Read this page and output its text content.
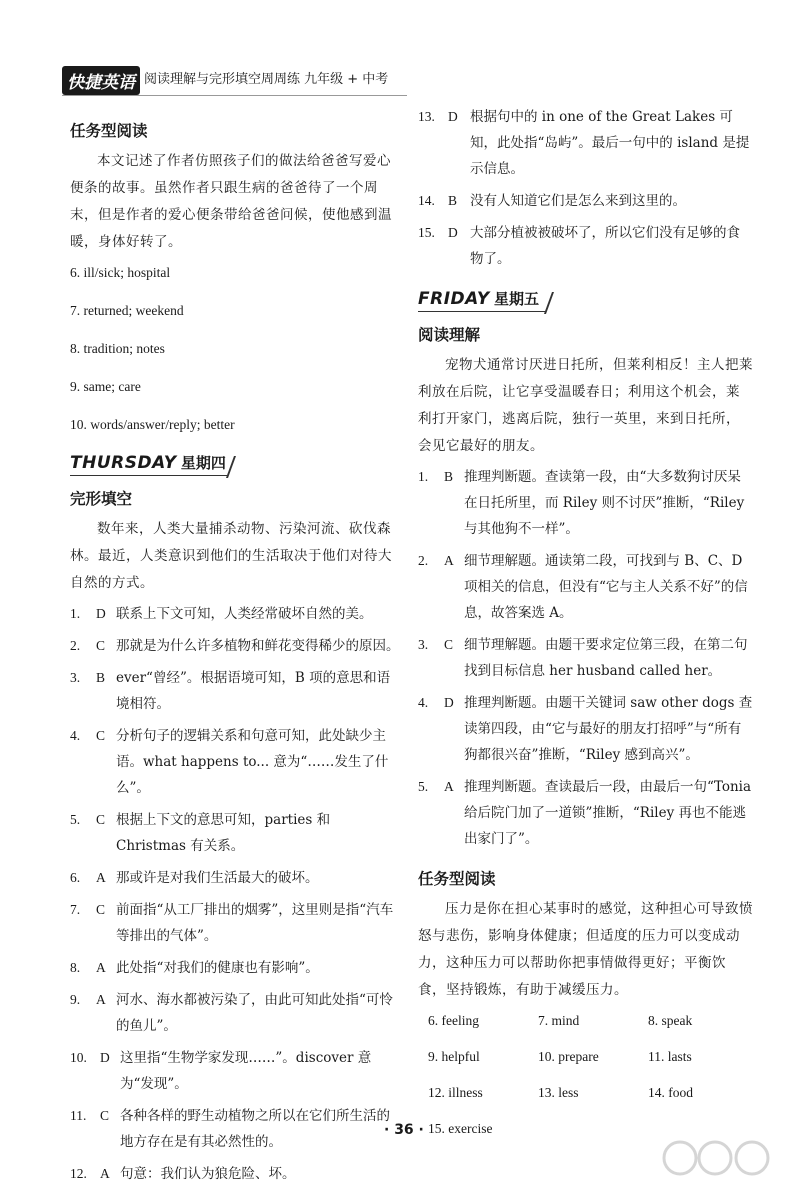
快捷英语 阅读理解与完形填空周周练 九年级 + 中考
任务型阅读

本文记述了作者仿照孩子们的做法给爸爸写爱心便条的故事。虽然作者只跟生病的爸爸待了一个周末，但是作者的爱心便条带给爸爸问候，使他感到温暖，身体好转了。

6. ill/sick; hospital
7. returned; weekend
8. tradition; notes
9. same; care
10. words/answer/reply; better
THURSDAY 星期四
完形填空

数年来，人类大量捕杀动物、污染河流、砍伐森林。最近，人类意识到他们的生活取决于他们对待大自然的方式。

1.	D 联系上下文可知，人类经常破坏自然的美。
2.	C 那就是为什么许多植物和鲜花变得稀少的原因。
3.	B ever“曾经”。根据语境可知，B 项的意思和语境相符。
4.	C 分析句子的逻辑关系和句意可知，此处缺少主语。what happens to... 意为“……发生了什么”。
5.	C 根据上下文的意思可知，parties 和 Christmas 有关系。
6.	A 那或许是对我们生活最大的破坏。
7.	C 前面指“从工厂排出的烟雾”，这里则是指“汽车等排出的气体”。
8.	A 此处指“对我们的健康也有影响”。
9.	A 河水、海水都被污染了，由此可知此处指“可怜的鱼儿”。
10. D 这里指“生物学家发现……”。discover 意为“发现”。
11.	C 各种各样的野生动植物之所以在它们所生活的地方存在是有其必然性的。
12. A 句意：我们认为狼危险、坏。
13. D 根据句中的 in one of the Great Lakes 可知，此处指“岛屿”。最后一句中的 island 是提示信息。
14. B 没有人知道它们是怎么来到这里的。
15. D 大部分植被被破坏了，所以它们没有足够的食物了。
FRIDAY 星期五
阅读理解

宠物犬通常讨厌进日托所，但莱利相反！主人把莱利放在后院，让它享受温暖春日；利用这个机会，莱利打开家门，逃离后院，独行一英里，来到日托所，会见它最好的朋友。

1.	B 推理判断题。查读第一段，由“大多数狗讨厌呆在日托所里，而 Riley 则不讨厌”推断，“Riley 与其他狗不一样”。
2.	A 细节理解题。通读第二段，可找到与 B、C、D 项相关的信息，但没有“它与主人关系不好”的信息，故答案选 A。
3.	C 细节理解题。由题干要求定位第三段，在第二句找到目标信息 her husband called her。
4.	D 推理判断题。由题干关键词 saw other dogs 查读第四段，由“它与最好的朋友打招呼”与“所有狗都很兴奋”推断，“Riley 感到高兴”。
5.	A 推理判断题。查读最后一段，由最后一句“Tonia 给后院门加了一道锁”推断，“Riley 再也不能逃出家门了”。
任务型阅读

压力是你在担心某事时的感觉，这种担心可导致愤怒与悲伤，影响身体健康；但适度的压力可以变成动力，这种压力可以帮助你把事情做得更好；平衡饮食，坚持锻炼，有助于减缓压力。

6. feeling	7. mind	8. speak
9. helpful	10. prepare	11. lasts
12. illness	13. less	14. food
15. exercise
· 36 ·
